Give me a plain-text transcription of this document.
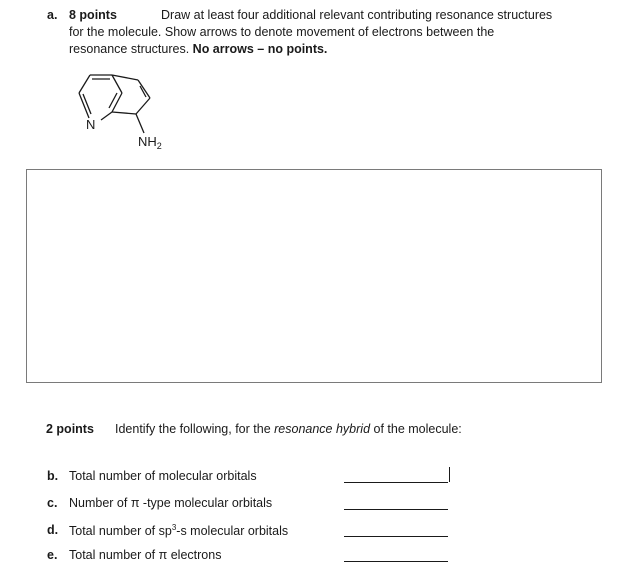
a. 8 points	Draw at least four additional relevant contributing resonance structures
for the molecule. Show arrows to denote movement of electrons between the
resonance structures. No arrows – no points.
N
$NH_2$
2 points Identify the following, for the resonance hybrid of the molecule:
b. Total number of molecular orbitals
c. Number of π -type molecular orbitals
d. Total number of $sp^3-s$ molecular orbitals
e. Total number of π electrons
